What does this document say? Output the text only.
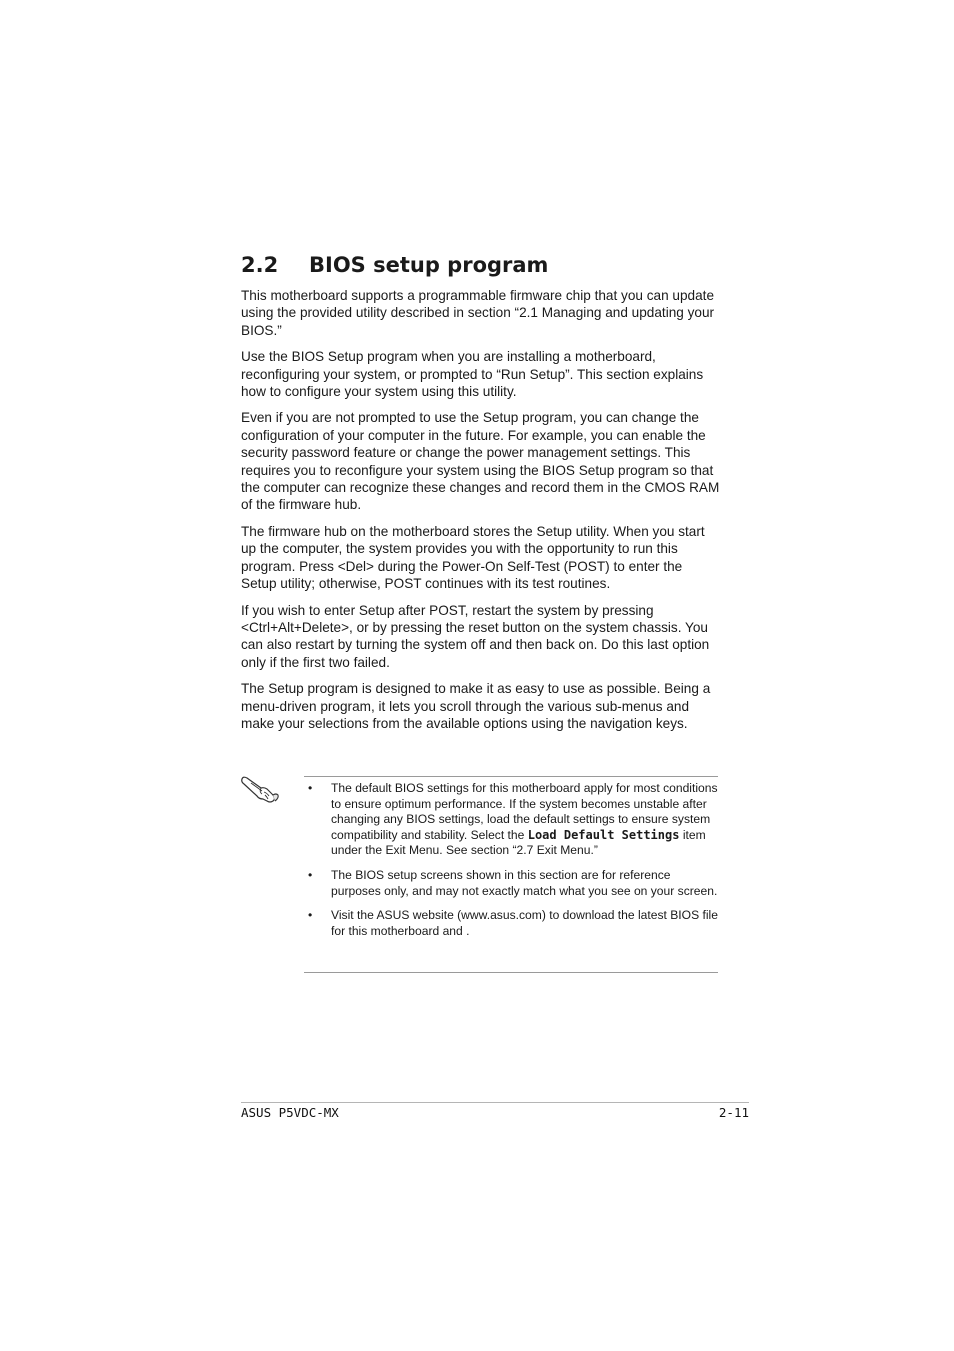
2.2 BIOS setup program

This motherboard supports a programmable firmware chip that you can update using the provided utility described in section “2.1 Managing and updating your BIOS.”

Use the BIOS Setup program when you are installing a motherboard, reconfiguring your system, or prompted to “Run Setup”. This section explains how to configure your system using this utility.

Even if you are not prompted to use the Setup program, you can change the configuration of your computer in the future. For example, you can enable the security password feature or change the power management settings. This requires you to reconfigure your system using the BIOS Setup program so that the computer can recognize these changes and record them in the CMOS RAM of the firmware hub.

The firmware hub on the motherboard stores the Setup utility. When you start up the computer, the system provides you with the opportunity to run this program. Press <Del> during the Power-On Self-Test (POST) to enter the Setup utility; otherwise, POST continues with its test routines.

If you wish to enter Setup after POST, restart the system by pressing <Ctrl+Alt+Delete>, or by pressing the reset button on the system chassis. You can also restart by turning the system off and then back on. Do this last option only if the first two failed.

The Setup program is designed to make it as easy to use as possible. Being a menu-driven program, it lets you scroll through the various sub-menus and make your selections from the available options using the navigation keys.

• The default BIOS settings for this motherboard apply for most conditions to ensure optimum performance. If the system becomes unstable after changing any BIOS settings, load the default settings to ensure system compatibility and stability. Select the Load Default Settings item under the Exit Menu. See section “2.7 Exit Menu.”
• The BIOS setup screens shown in this section are for reference purposes only, and may not exactly match what you see on your screen.
• Visit the ASUS website (www.asus.com) to download the latest BIOS file for this motherboard and .
ASUS P5VDC-MX	2-11
